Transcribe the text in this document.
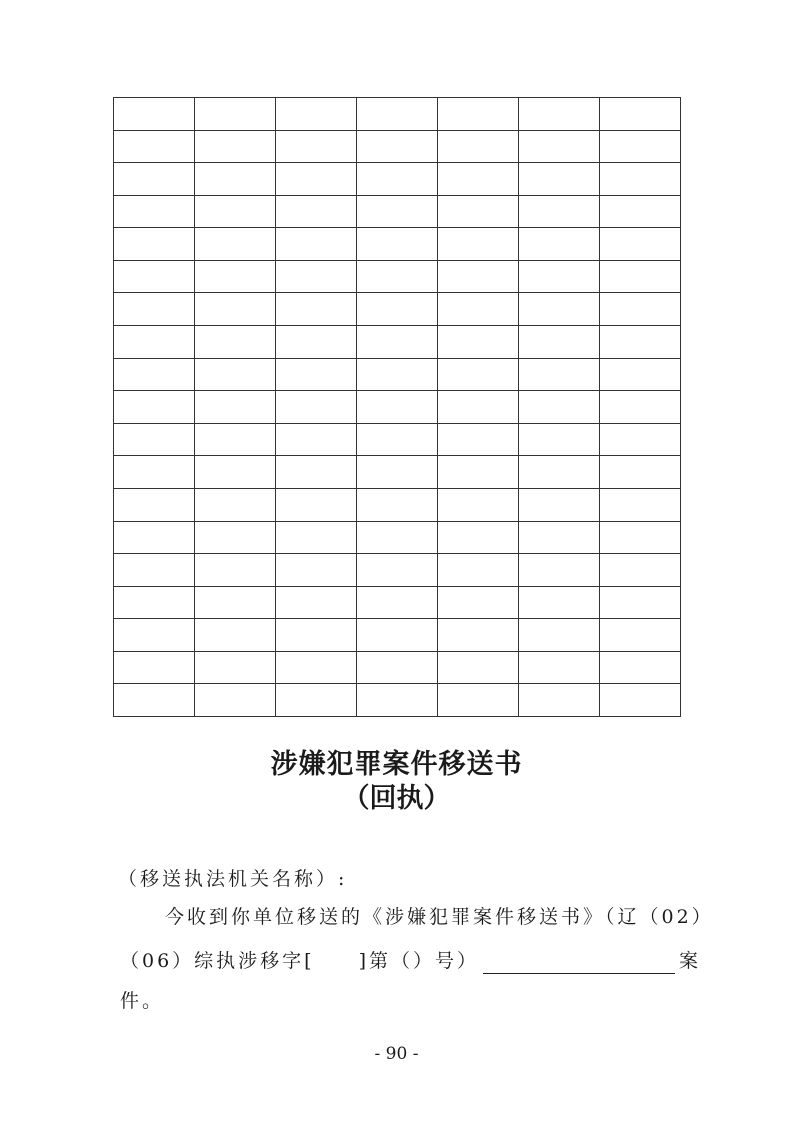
涉嫌犯罪案件移送书
（回执）
（移送执法机关名称）:
今收到你单位移送的《涉嫌犯罪案件移送书》（辽（02）
（06）综执涉移字[　　]第（）号）	案
件。
- 90 -
